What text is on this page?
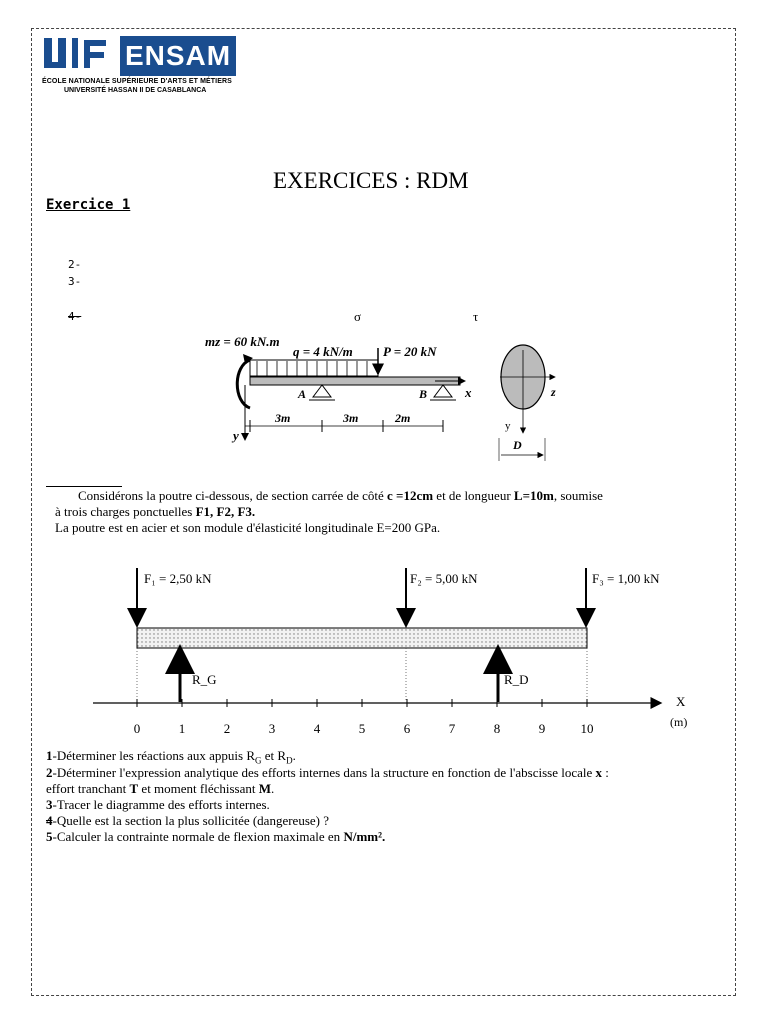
ENSAM
ÉCOLE NATIONALE SUPÉRIEURE D'ARTS ET MÉTIERS
UNIVERSITÉ HASSAN II DE CASABLANCA
EXERCICES : RDM
Exercice 1
2-
3-
4-	σ	τ
mz = 60 kN.m
q = 4 kN/m P = 20 kN
x
A	B
y
3m	3m	2m
z
y
D
Considérons la poutre ci-dessous, de section carrée de côté c =12cm et de longueur L=10m, soumise
à trois charges ponctuelles F1, F2, F3.
La poutre est en acier et son module d'élasticité longitudinale E=200 GPa.
F₁ = 2,50 kN	F₂ = 5,00 kN	F₃ = 1,00 kN
R_G	R_D
X
(m)
0	1	2	3	4	5	6	7	8	9	10
1-Déterminer les réactions aux appuis $R_G$ et $R_D$.
2-Déterminer l'expression analytique des efforts internes dans la structure en fonction de l'abscisse locale x :
effort tranchant T et moment fléchissant M.
3-Tracer le diagramme des efforts internes.
4-Quelle est la section la plus sollicitée (dangereuse) ?
5-Calculer la contrainte normale de flexion maximale en N/mm².
